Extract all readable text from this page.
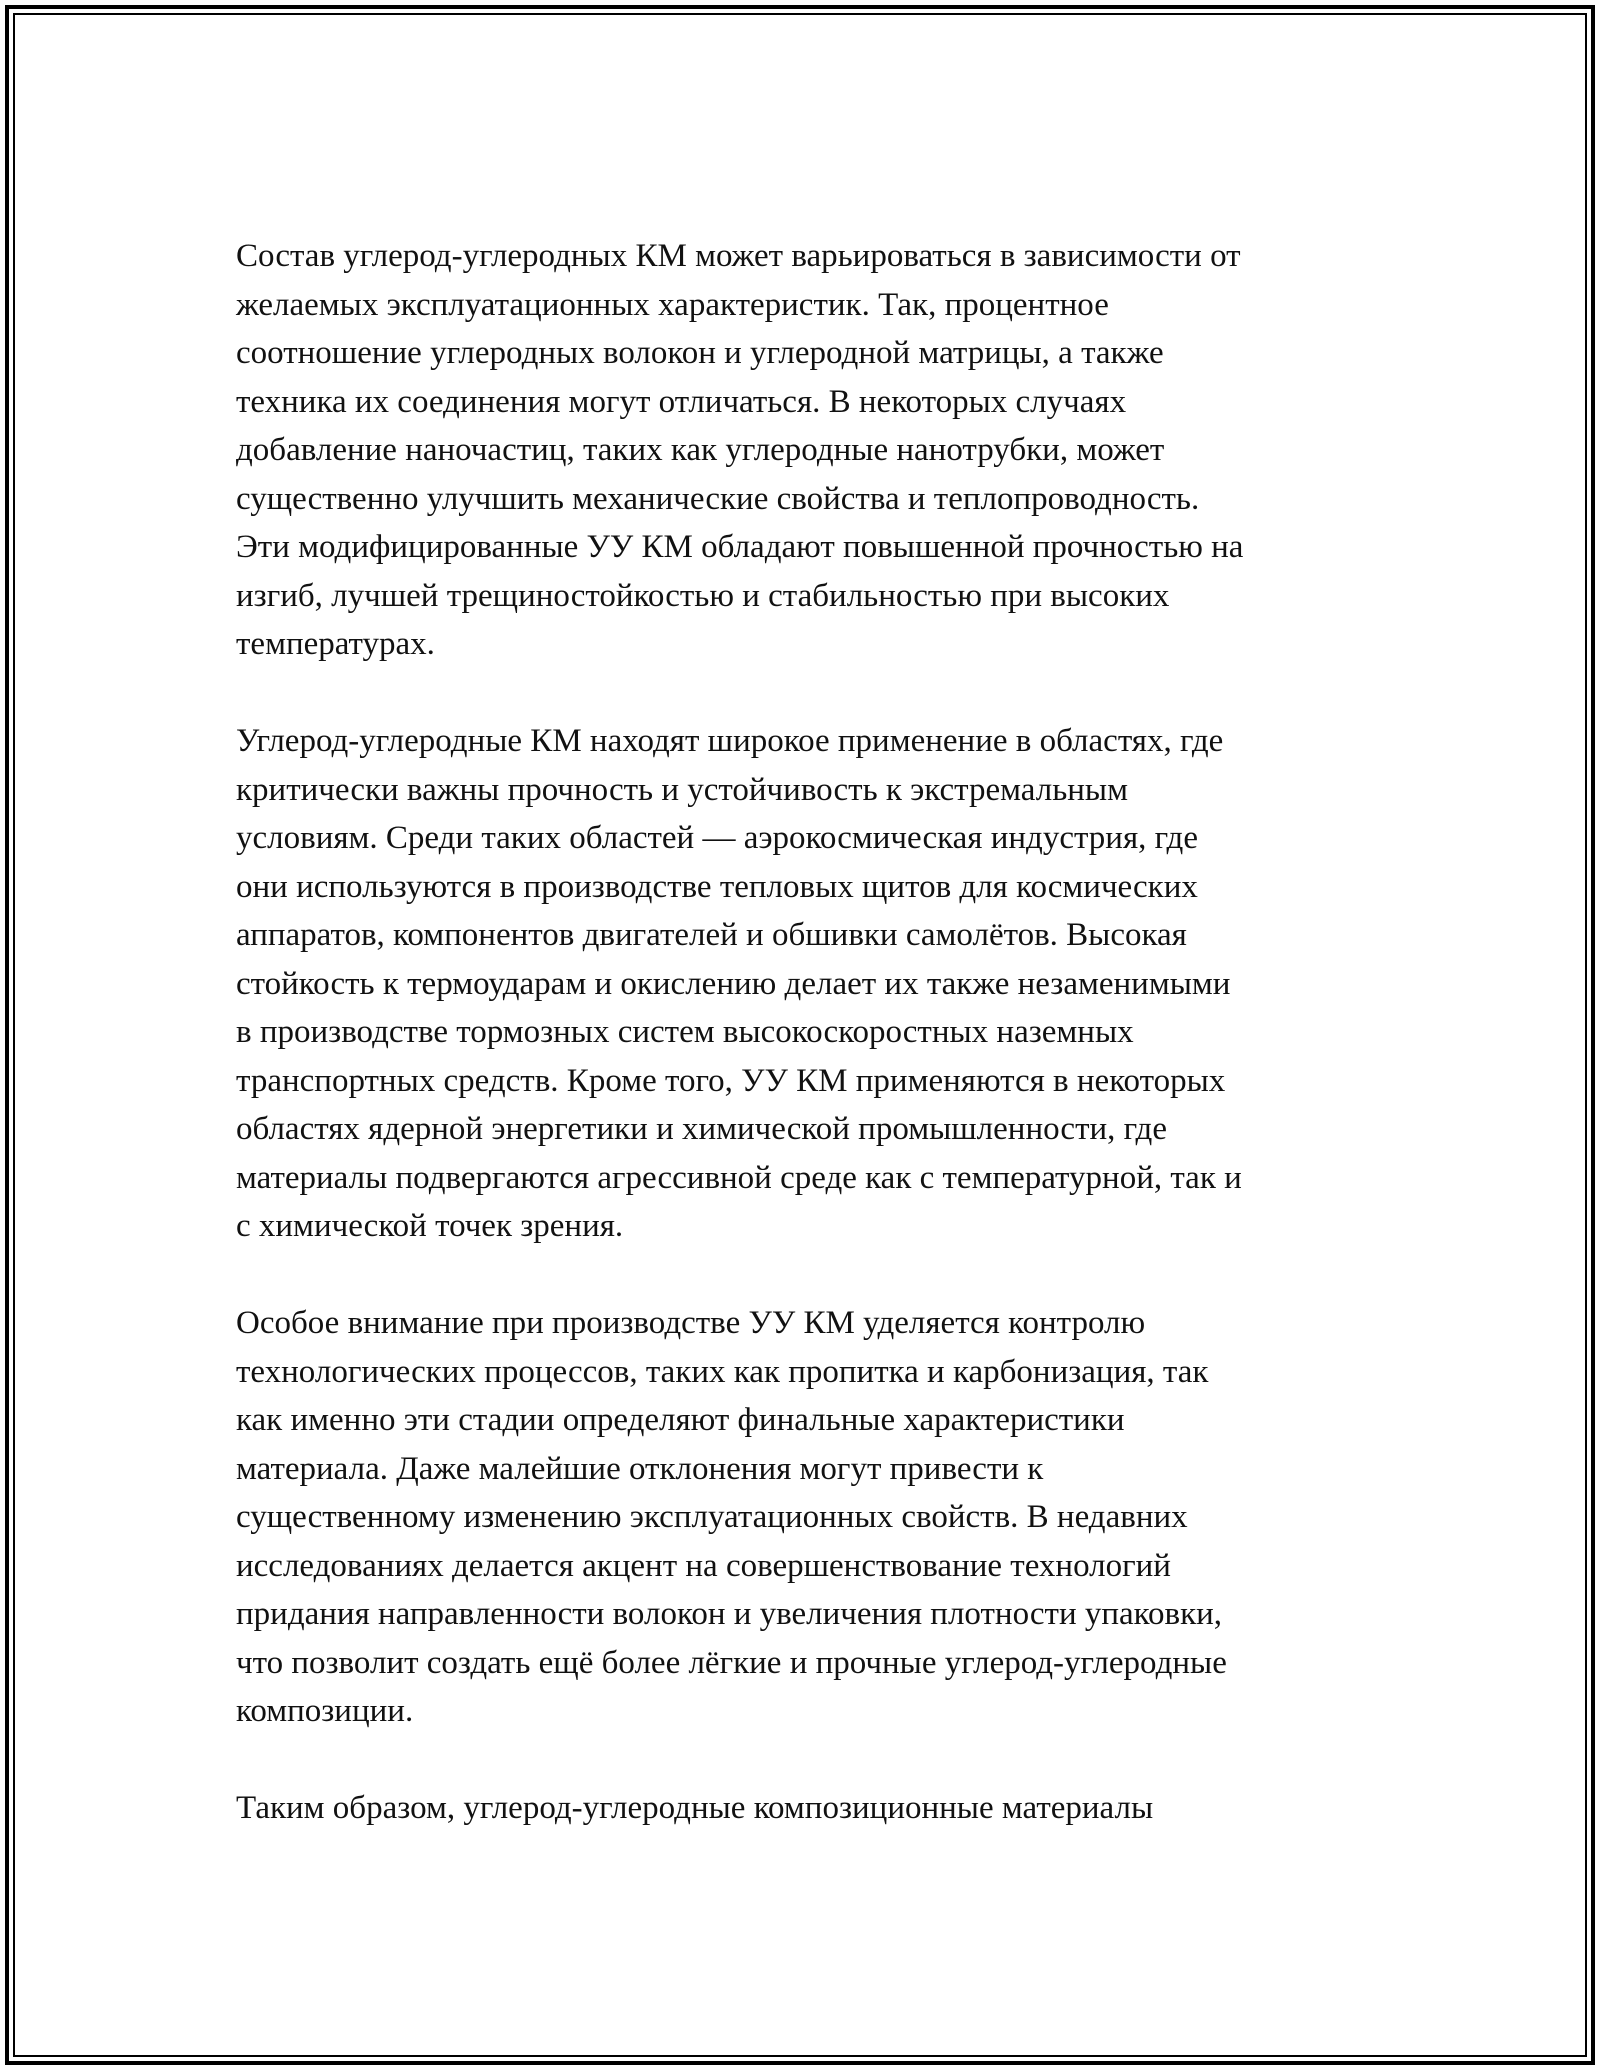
Состав углерод-углеродных КМ может варьироваться в зависимости от
желаемых эксплуатационных характеристик. Так, процентное
соотношение углеродных волокон и углеродной матрицы, а также
техника их соединения могут отличаться. В некоторых случаях
добавление наночастиц, таких как углеродные нанотрубки, может
существенно улучшить механические свойства и теплопроводность.
Эти модифицированные УУ КМ обладают повышенной прочностью на
изгиб, лучшей трещиностойкостью и стабильностью при высоких
температурах.
Углерод-углеродные КМ находят широкое применение в областях, где
критически важны прочность и устойчивость к экстремальным
условиям. Среди таких областей — аэрокосмическая индустрия, где
они используются в производстве тепловых щитов для космических
аппаратов, компонентов двигателей и обшивки самолётов. Высокая
стойкость к термоударам и окислению делает их также незаменимыми
в производстве тормозных систем высокоскоростных наземных
транспортных средств. Кроме того, УУ КМ применяются в некоторых
областях ядерной энергетики и химической промышленности, где
материалы подвергаются агрессивной среде как с температурной, так и
с химической точек зрения.
Особое внимание при производстве УУ КМ уделяется контролю
технологических процессов, таких как пропитка и карбонизация, так
как именно эти стадии определяют финальные характеристики
материала. Даже малейшие отклонения могут привести к
существенному изменению эксплуатационных свойств. В недавних
исследованиях делается акцент на совершенствование технологий
придания направленности волокон и увеличения плотности упаковки,
что позволит создать ещё более лёгкие и прочные углерод-углеродные
композиции.
Таким образом, углерод-углеродные композиционные материалы
